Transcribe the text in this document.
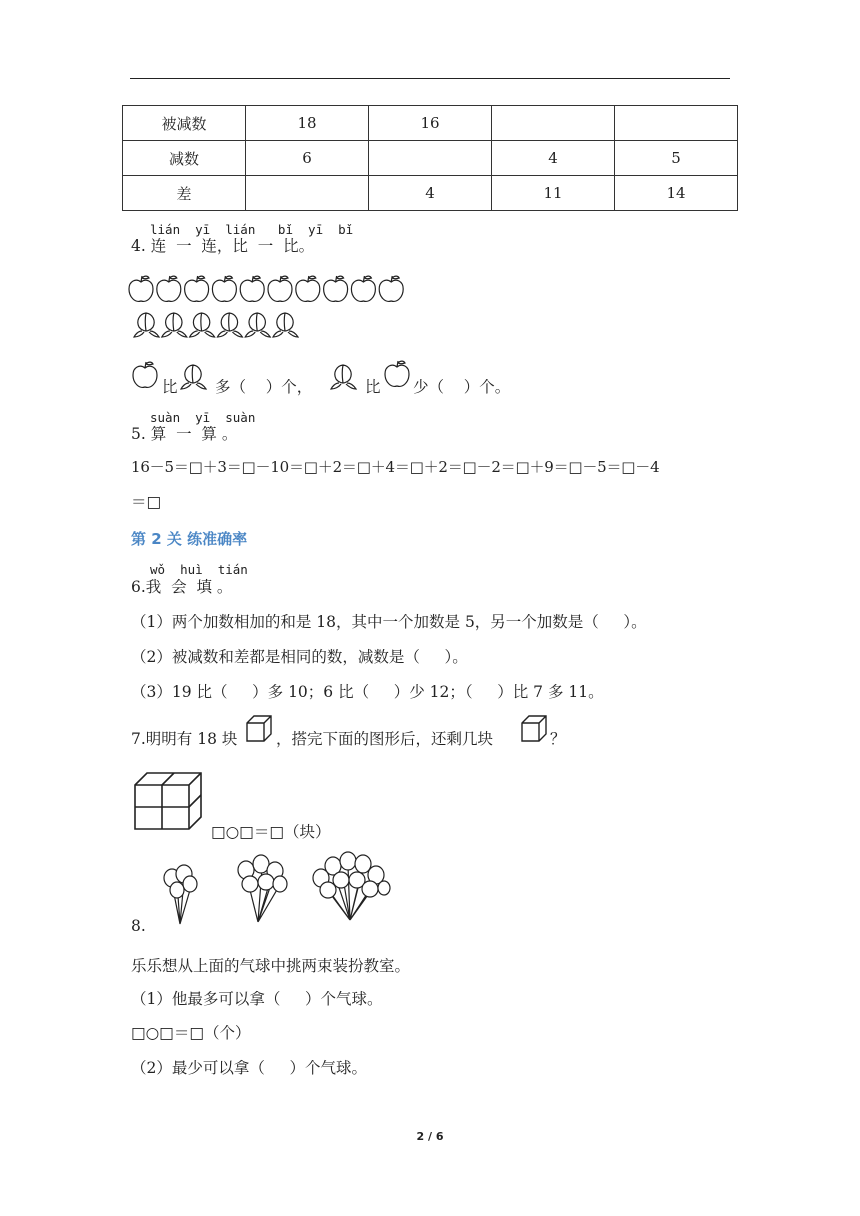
被减数	18	16		
减数	6		4	5
差		4	11	14
lián  yī  lián   bǐ  yī  bǐ
4. 连  一  连，比  一  比。
比 多（    ）个，	比 少（    ）个。
suàn  yī  suàn
5. 算  一  算 。
16－5＝□＋3＝□－10＝□＋2＝□＋4＝□＋2＝□－2＝□＋9＝□－5＝□－4
＝□
第 2 关 练准确率
wǒ  huì  tián
6.我  会  填 。
（1）两个加数相加的和是 18，其中一个加数是 5，另一个加数是（     ）。
（2）被减数和差都是相同的数，减数是（     ）。
（3）19 比（     ）多 10；6 比（     ）少 12；（     ）比 7 多 11。
7.明明有 18 块 ，搭完下面的图形后，还剩几块	？
□○□＝□（块）
8.
乐乐想从上面的气球中挑两束装扮教室。
（1）他最多可以拿（     ）个气球。
□○□＝□（个）
（2）最少可以拿（     ）个气球。
2 / 6
